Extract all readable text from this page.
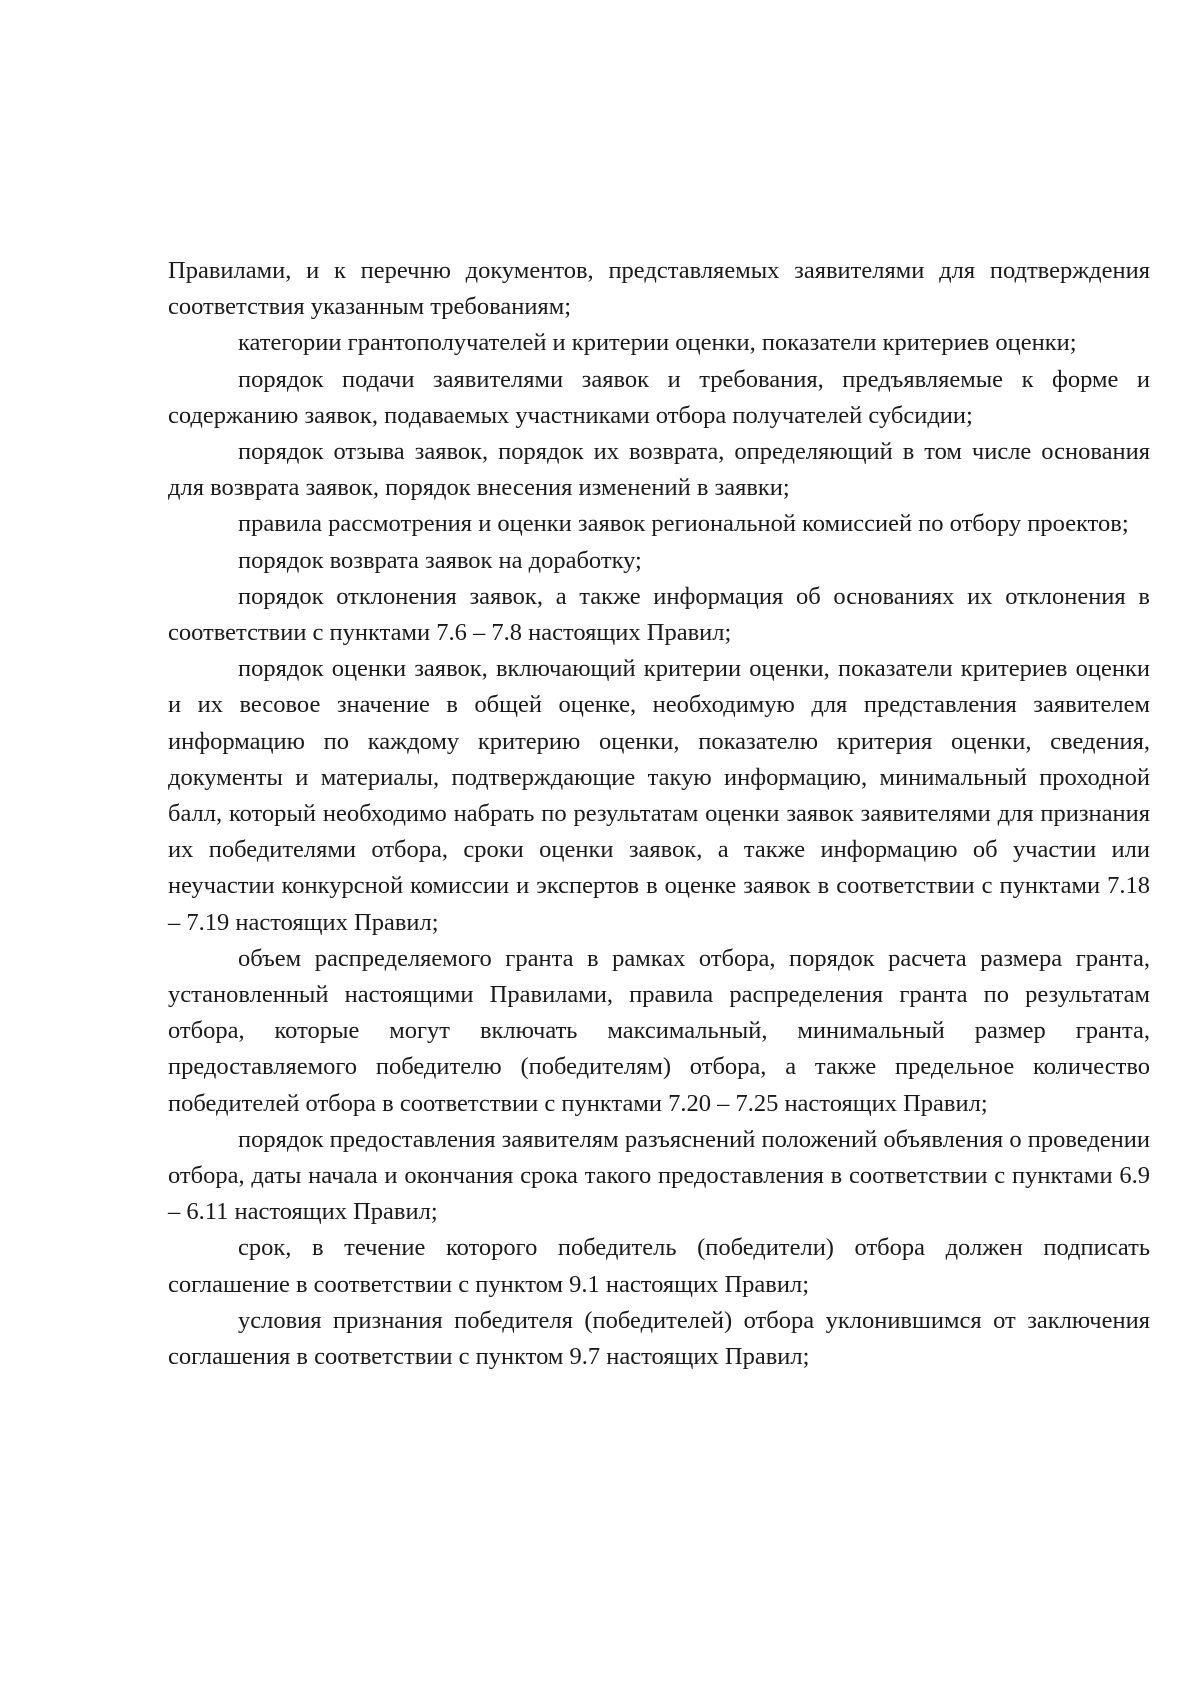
Правилами, и к перечню документов, представляемых заявителями для подтверждения соответствия указанным требованиям;

категории грантополучателей и критерии оценки, показатели критериев оценки;

порядок подачи заявителями заявок и требования, предъявляемые к форме и содержанию заявок, подаваемых участниками отбора получателей субсидии;

порядок отзыва заявок, порядок их возврата, определяющий в том числе основания для возврата заявок, порядок внесения изменений в заявки;

правила рассмотрения и оценки заявок региональной комиссией по отбору проектов;

порядок возврата заявок на доработку;

порядок отклонения заявок, а также информация об основаниях их отклонения в соответствии с пунктами 7.6 – 7.8 настоящих Правил;

порядок оценки заявок, включающий критерии оценки, показатели критериев оценки и их весовое значение в общей оценке, необходимую для представления заявителем информацию по каждому критерию оценки, показателю критерия оценки, сведения, документы и материалы, подтверждающие такую информацию, минимальный проходной балл, который необходимо набрать по результатам оценки заявок заявителями для признания их победителями отбора, сроки оценки заявок, а также информацию об участии или неучастии конкурсной комиссии и экспертов в оценке заявок в соответствии с пунктами 7.18 – 7.19 настоящих Правил;

объем распределяемого гранта в рамках отбора, порядок расчета размера гранта, установленный настоящими Правилами, правила распределения гранта по результатам отбора, которые могут включать максимальный, минимальный размер гранта, предоставляемого победителю (победителям) отбора, а также предельное количество победителей отбора в соответствии с пунктами 7.20 – 7.25 настоящих Правил;

порядок предоставления заявителям разъяснений положений объявления о проведении отбора, даты начала и окончания срока такого предоставления в соответствии с пунктами 6.9 – 6.11 настоящих Правил;

срок, в течение которого победитель (победители) отбора должен подписать соглашение в соответствии с пунктом 9.1 настоящих Правил;

условия признания победителя (победителей) отбора уклонившимся от заключения соглашения в соответствии с пунктом 9.7 настоящих Правил;
